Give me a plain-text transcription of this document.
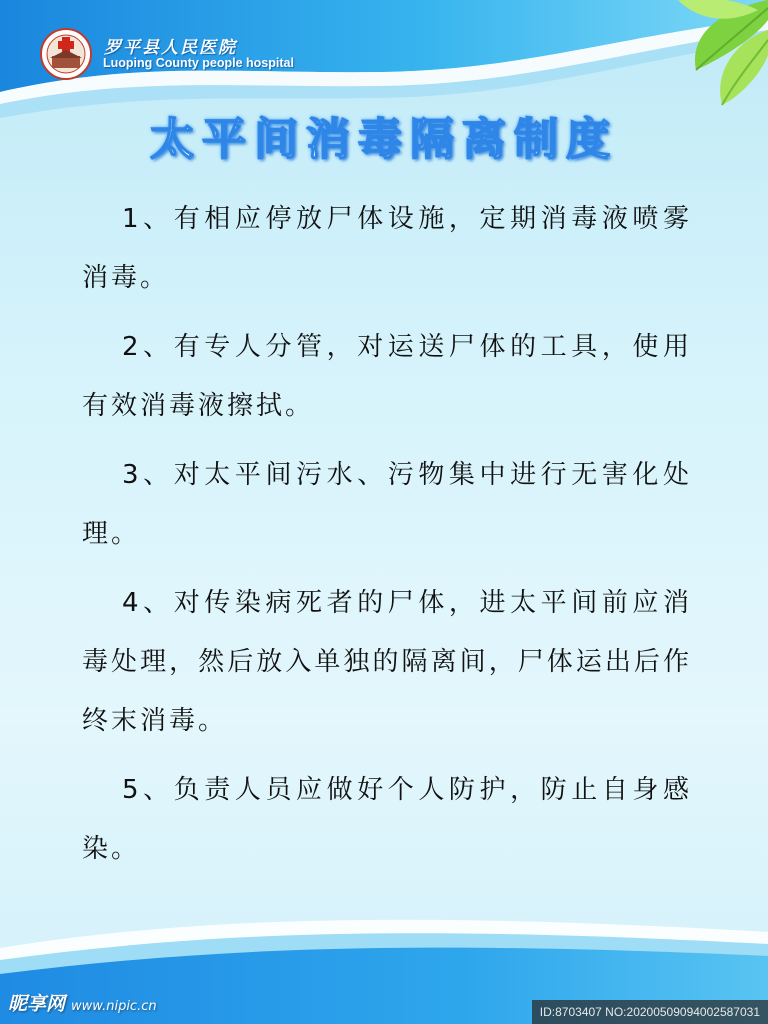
罗平县人民医院
Luoping County people hospital
太平间消毒隔离制度

1、有相应停放尸体设施，定期消毒液喷雾消毒。

2、有专人分管，对运送尸体的工具，使用有效消毒液擦拭。

3、对太平间污水、污物集中进行无害化处理。

4、对传染病死者的尸体，进太平间前应消毒处理，然后放入单独的隔离间，尸体运出后作终末消毒。

5、负责人员应做好个人防护，防止自身感染。

昵享网 www.nipic.cn	ID:8703407 NO:20200509094002587031
